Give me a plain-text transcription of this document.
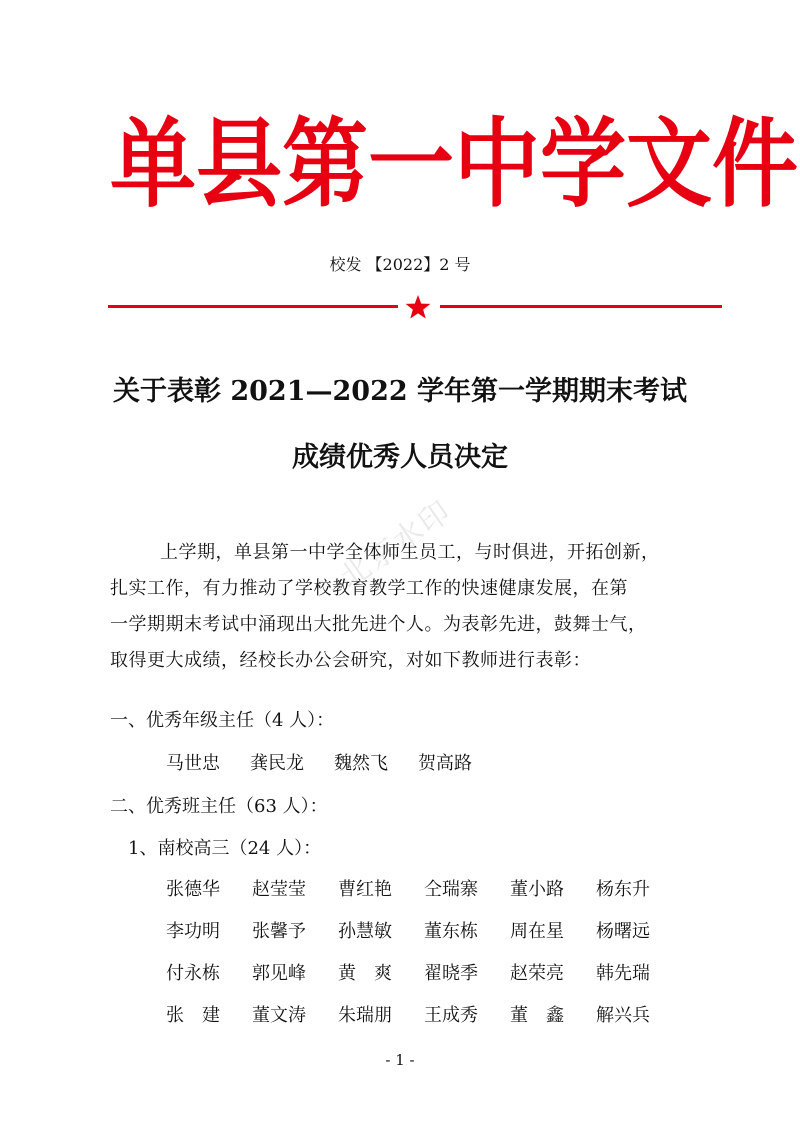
单 县 第 一 中 学 文 件
校发 【2022】2 号
关于表彰 2021—2022 学年第一学期期末考试
成绩优秀人员决定
北京水印
上学期，单县第一中学全体师生员工，与时俱进，开拓创新，
扎实工作，有力推动了学校教育教学工作的快速健康发展，在第
一学期期末考试中涌现出大批先进个人。为表彰先进，鼓舞士气，
取得更大成绩，经校长办公会研究，对如下教师进行表彰：
一、优秀年级主任（4 人）：
马世忠	龚民龙	魏然飞	贺高路
二、优秀班主任（63 人）：
1、南校高三（24 人）：
张德华	赵莹莹	曹红艳	仝瑞寨	董小路	杨东升
李功明	张馨予	孙慧敏	董东栋	周在星	杨曙远
付永栋	郭见峰	黄　爽	翟晓季	赵荣亮	韩先瑞
张　建	董文涛	朱瑞朋	王成秀	董　鑫	解兴兵
- 1 -
